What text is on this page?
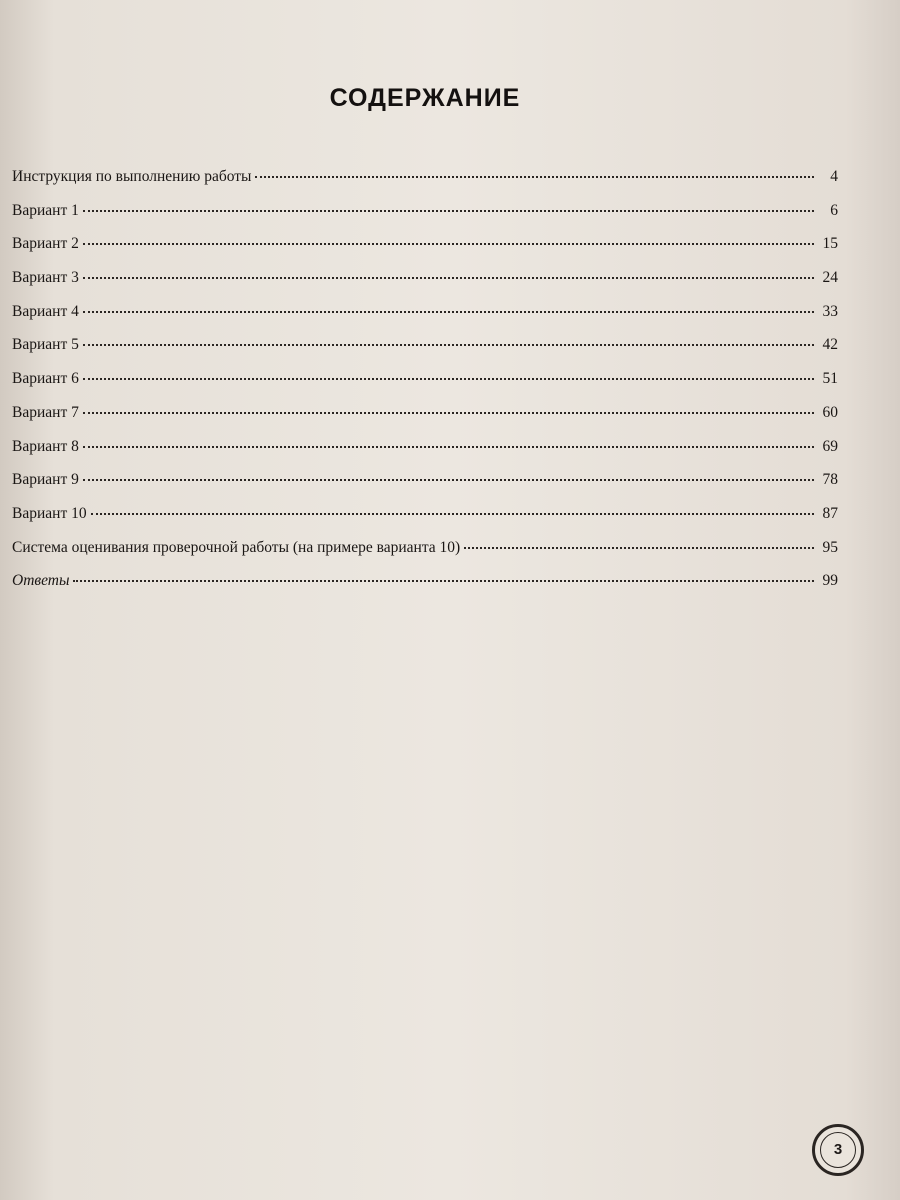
СОДЕРЖАНИЕ
Инструкция по выполнению работы	4
Вариант 1	6
Вариант 2	15
Вариант 3	24
Вариант 4	33
Вариант 5	42
Вариант 6	51
Вариант 7	60
Вариант 8	69
Вариант 9	78
Вариант 10	87
Система оценивания проверочной работы (на примере варианта 10)	95
Ответы	99
3
